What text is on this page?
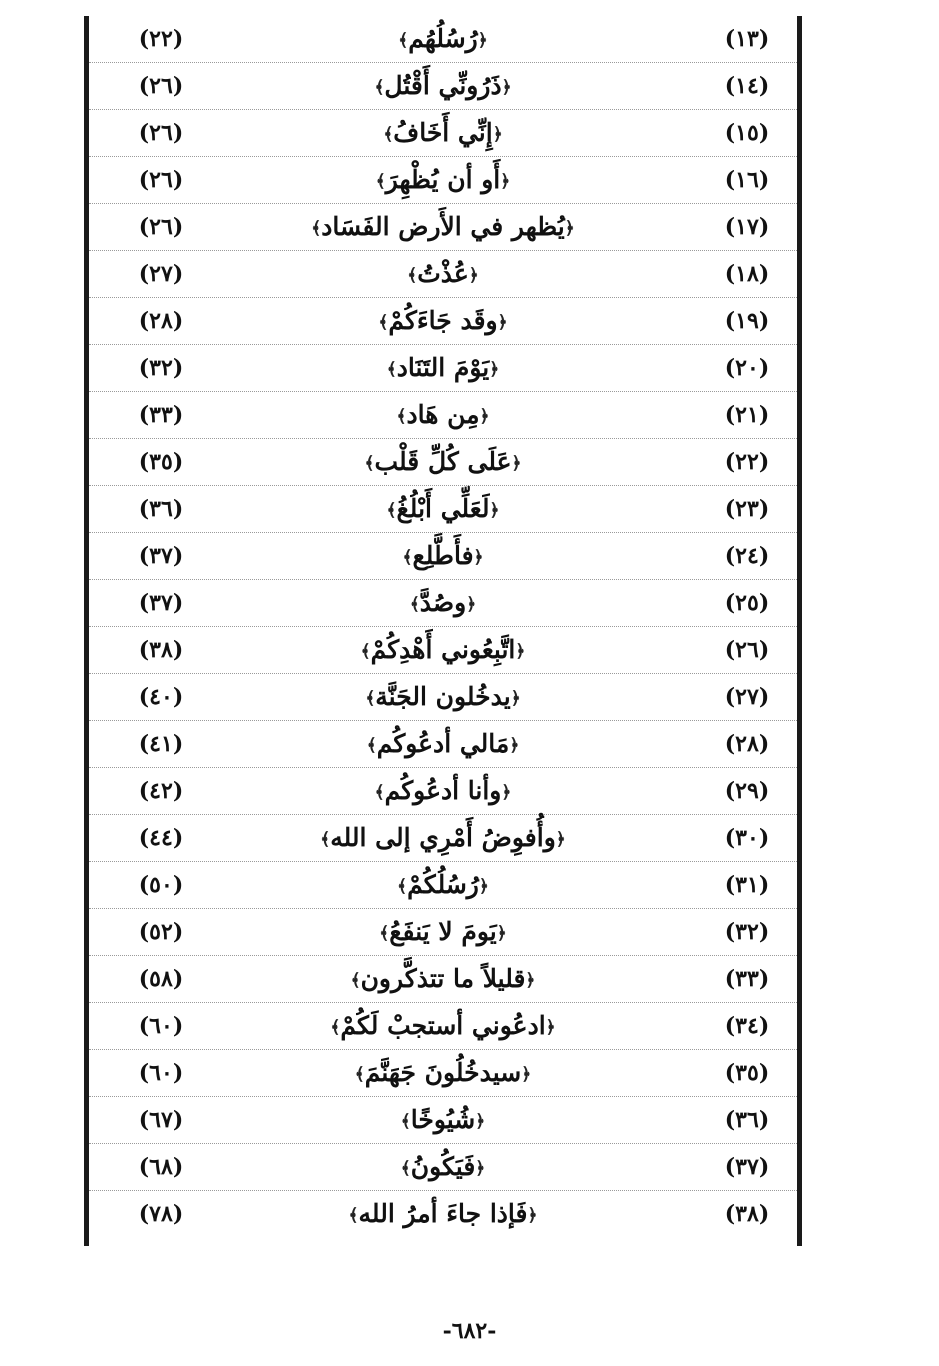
(٢٢)	﴿رُسُلُهُم﴾	(١٣)
(٢٦)	﴿ذَرُونِّي أَقْتُل﴾	(١٤)
(٢٦)	﴿إِنِّي أَخَافُ﴾	(١٥)
(٢٦)	﴿أَو أن يُظْهِرَ﴾	(١٦)
(٢٦)	﴿يُظهر في الأَرض الفَسَاد﴾	(١٧)
(٢٧)	﴿عُذْتُ﴾	(١٨)
(٢٨)	﴿وقَد جَاءَكُمْ﴾	(١٩)
(٣٢)	﴿يَوْمَ التَنَاد﴾	(٢٠)
(٣٣)	﴿مِن هَاد﴾	(٢١)
(٣٥)	﴿عَلَى كُلِّ قَلْب﴾	(٢٢)
(٣٦)	﴿لَعَلِّي أَبْلُغُ﴾	(٢٣)
(٣٧)	﴿فأَطَّلِع﴾	(٢٤)
(٣٧)	﴿وصُدَّ﴾	(٢٥)
(٣٨)	﴿اتَّبِعُوني أَهْدِكُمْ﴾	(٢٦)
(٤٠)	﴿يدخُلون الجَنَّة﴾	(٢٧)
(٤١)	﴿مَالي أدعُوكُم﴾	(٢٨)
(٤٢)	﴿وأنا أدعُوكُم﴾	(٢٩)
(٤٤)	﴿وأُفوِضُ أَمْرِي إلى الله﴾	(٣٠)
(٥٠)	﴿رُسُلُكُمْ﴾	(٣١)
(٥٢)	﴿يَومَ لا يَنفَعُ﴾	(٣٢)
(٥٨)	﴿قليلاً ما تتذكَّرون﴾	(٣٣)
(٦٠)	﴿ادعُوني أستجبْ لَكُمْ﴾	(٣٤)
(٦٠)	﴿سيدخُلُونَ جَهَنَّمَ﴾	(٣٥)
(٦٧)	﴿شُيُوخًا﴾	(٣٦)
(٦٨)	﴿فَيَكُونُ﴾	(٣٧)
(٧٨)	﴿فَإذا جاءَ أمرُ الله﴾	(٣٨)
-٦٨٢-
